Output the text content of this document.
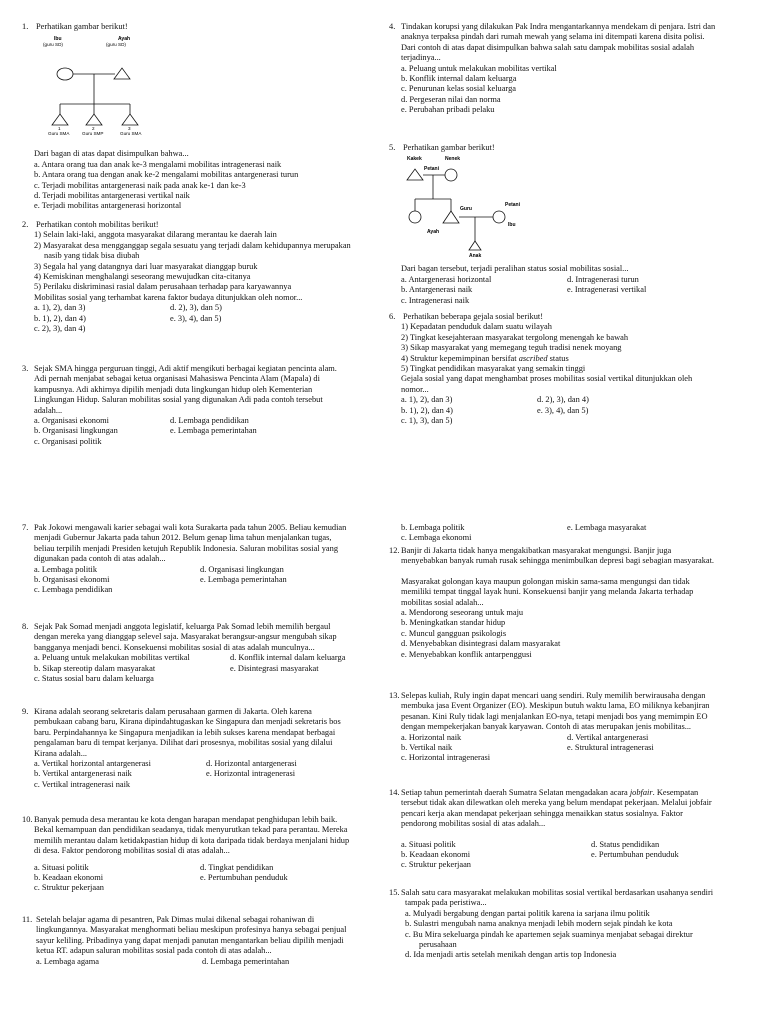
1. Perhatikan gambar berikut!
Ibu
(guru SD)
Ayah
(guru SD)
1	2	3
Guru SMA	Guru SMP	Guru SMA
Dari bagan di atas dapat disimpulkan bahwa...
a. Antara orang tua dan anak ke-3 mengalami mobilitas intragenerasi naik
b. Antara orang tua dengan anak ke-2 mengalami mobilitas antargenerasi turun
c. Terjadi mobilitas antargenerasi naik pada anak ke-1 dan ke-3
d. Terjadi mobilitas antargenerasi vertikal naik
e. Terjadi mobilitas antargenerasi horizontal
2. Perhatikan contoh mobilitas berikut!
1) Selain laki-laki, anggota masyarakat dilarang merantau ke daerah lain
2) Masyarakat desa mengganggap segala sesuatu yang terjadi dalam kehidupannya merupakan
nasib yang tidak bisa diubah
3) Segala hal yang datangnya dari luar masyarakat dianggap buruk
4) Kemiskinan menghalangi seseorang mewujudkan cita-citanya
5) Perilaku diskriminasi rasial dalam perusahaan terhadap para karyawannya
Mobilitas sosial yang terhambat karena faktor budaya ditunjukkan oleh nomor...
a. 1), 2), dan 3)	d. 2), 3), dan 5)
b. 1), 2), dan 4)	e. 3), 4), dan 5)
c. 2), 3), dan 4)
3. Sejak SMA hingga perguruan tinggi, Adi aktif mengikuti berbagai kegiatan pencinta alam.
Adi pernah menjabat sebagai ketua organisasi Mahasiswa Pencinta Alam (Mapala) di
kampusnya. Adi akhirnya dipilih menjadi duta lingkungan hidup oleh Kementerian
Lingkungan Hidup. Saluran mobilitas sosial yang digunakan Adi pada contoh tersebut
adalah...
a. Organisasi ekonomi	d. Lembaga pendidikan
b. Organisasi lingkungan	e. Lembaga pemerintahan
c. Organisasi politik
4. Tindakan korupsi yang dilakukan Pak Indra mengantarkannya mendekam di penjara. Istri dan
anaknya terpaksa pindah dari rumah mewah yang selama ini ditempati karena disita polisi.
Dari contoh di atas dapat disimpulkan bahwa salah satu dampak mobilitas sosial adalah
terjadinya...
a. Peluang untuk melakukan mobilitas vertikal
b. Konflik internal dalam keluarga
c. Penurunan kelas sosial keluarga
d. Pergeseran nilai dan norma
e. Perubahan pribadi pelaku
5. Perhatikan gambar berikut!
Kakek	Nenek
Petani
Guru
Petani
Ibu
Ayah
Anak
Dari bagan tersebut, terjadi peralihan status sosial mobilitas sosial...
a. Antargenerasi horizontal	d. Intragenerasi turun
b. Antargenerasi naik	e. Intragenerasi vertikal
c. Intragenerasi naik
6. Perhatikan beberapa gejala sosial berikut!
1) Kepadatan penduduk dalam suatu wilayah
2) Tingkat kesejahteraan masyarakat tergolong menengah ke bawah
3) Sikap masyarakat yang memegang teguh tradisi nenek moyang
4) Struktur kepemimpinan bersifat ascribed status
5) Tingkat pendidikan masyarakat yang semakin tinggi
Gejala sosial yang dapat menghambat proses mobilitas sosial vertikal ditunjukkan oleh
nomor...
a. 1), 2), dan 3)	d. 2), 3), dan 4)
b. 1), 2), dan 4)	e. 3), 4), dan 5)
c. 1), 3), dan 5)
7. Pak Jokowi mengawali karier sebagai wali kota Surakarta pada tahun 2005. Beliau kemudian
menjadi Gubernur Jakarta pada tahun 2012. Belum genap lima tahun menjalankan tugas,
beliau terpilih menjadi Presiden ketujuh Republik Indonesia. Saluran mobilitas sosial yang
digunakan pada contoh di atas adalah...
a. Lembaga politik	d. Organisasi lingkungan
b. Organisasi ekonomi	e. Lembaga pemerintahan
c. Lembaga pendidikan
8. Sejak Pak Somad menjadi anggota legislatif, keluarga Pak Somad lebih memilih bergaul
dengan mereka yang dianggap selevel saja. Masyarakat berangsur-angsur mengubah sikap
bangganya menjadi benci. Konsekuensi mobilitas sosial di atas adalah munculnya...
a. Peluang untuk melakukan mobilitas vertikal	d. Konflik internal dalam keluarga
b. Sikap stereotip dalam masyarakat	e. Disintegrasi masyarakat
c. Status sosial baru dalam keluarga
9. Kirana adalah seorang sekretaris dalam perusahaan garmen di Jakarta. Oleh karena
pembukaan cabang baru, Kirana dipindahtugaskan ke Singapura dan menjadi sekretaris bos
baru. Perpindahannya ke Singapura menjadikan ia lebih sukses karena mendapat berbagai
pengalaman baru di tempat kerjanya. Dilihat dari prosesnya, mobilitas sosial yang dilalui
Kirana adalah...
a. Vertikal horizontal antargenerasi	d. Horizontal antargenerasi
b. Vertikal antargenerasi naik	e. Horizontal intragenerasi
c. Vertikal intragenerasi naik
10. Banyak pemuda desa merantau ke kota dengan harapan mendapat penghidupan lebih baik.
Bekal kemampuan dan pendidikan seadanya, tidak menyurutkan tekad para perantau. Mereka
memilih merantau dalam ketidakpastian hidup di kota daripada tidak berdaya menjalani hidup
di desa. Faktor pendorong mobilitas sosial di atas adalah...
a. Situasi politik	d. Tingkat pendidikan
b. Keadaan ekonomi	e. Pertumbuhan penduduk
c. Struktur pekerjaan
11. Setelah belajar agama di pesantren, Pak Dimas mulai dikenal sebagai rohaniwan di
lingkungannya. Masyarakat menghormati beliau meskipun profesinya hanya sebagai penjual
sayur keliling. Pribadinya yang dapat menjadi panutan mengantarkan beliau dipilih menjadi
ketua RT. adapun saluran mobilitas sosial pada contoh di atas adalah...
a. Lembaga agama	d. Lembaga pemerintahan
b. Lembaga politik	e. Lembaga masyarakat
c. Lembaga ekonomi
12. Banjir di Jakarta tidak hanya mengakibatkan masyarakat mengungsi. Banjir juga
menyebabkan banyak rumah rusak sehingga menimbulkan depresi bagi sebagian masyarakat.
Masyarakat golongan kaya maupun golongan miskin sama-sama mengungsi dan tidak
memiliki tempat tinggal layak huni. Konsekuensi banjir yang melanda Jakarta terhadap
mobilitas sosial adalah...
a. Mendorong seseorang untuk maju
b. Meningkatkan standar hidup
c. Muncul gangguan psikologis
d. Menyebabkan disintegrasi dalam masyarakat
e. Menyebabkan konflik antarpenggusi
13. Selepas kuliah, Ruly ingin dapat mencari uang sendiri. Ruly memilih berwirausaha dengan
membuka jasa Event Organizer (EO). Meskipun butuh waktu lama, EO miliknya kebanjiran
pesanan. Kini Ruly tidak lagi menjalankan EO-nya, tetapi menjadi bos yang memimpin EO
dengan mempekerjakan banyak karyawan. Contoh di atas merupakan jenis mobilitas...
a. Horizontal naik	d. Vertikal antargenerasi
b. Vertikal naik	e. Struktural intragenerasi
c. Horizontal intragenerasi
14. Setiap tahun pemerintah daerah Sumatra Selatan mengadakan acara jobfair. Kesempatan
tersebut tidak akan dilewatkan oleh mereka yang belum mendapat pekerjaan. Melalui jobfair
pencari kerja akan mendapat pekerjaan sehingga menaikkan status sosialnya. Faktor
pendorong mobilitas sosial di atas adalah...
a. Situasi politik	d. Status pendidikan
b. Keadaan ekonomi	e. Pertumbuhan penduduk
c. Struktur pekerjaan
15. Salah satu cara masyarakat melakukan mobilitas sosial vertikal berdasarkan usahanya sendiri
tampak pada peristiwa...
a. Mulyadi bergabung dengan partai politik karena ia sarjana ilmu politik
b. Sulastri mengubah nama anaknya menjadi lebih modern sejak pindah ke kota
c. Bu Mira sekeluarga pindah ke apartemen sejak suaminya menjabat sebagai direktur
perusahaan
d. Ida menjadi artis setelah menikah dengan artis top Indonesia
